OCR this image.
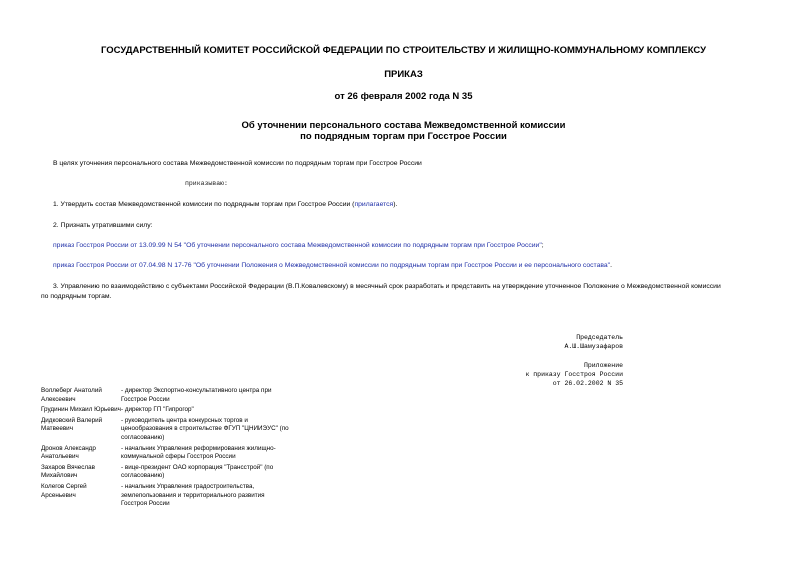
ГОСУДАРСТВЕННЫЙ КОМИТЕТ РОССИЙСКОЙ ФЕДЕРАЦИИ ПО СТРОИТЕЛЬСТВУ И ЖИЛИЩНО-КОММУНАЛЬНОМУ КОМПЛЕКСУ
ПРИКАЗ
от 26 февраля 2002 года N 35
Об уточнении персонального состава Межведомственной комиссии
по подрядным торгам при Госстрое России
В целях уточнения персонального состава Межведомственной комиссии по подрядным торгам при Госстрое России
приказываю:
1. Утвердить состав Межведомственной комиссии по подрядным торгам при Госстрое России (прилагается).
2. Признать утратившими силу:
приказ Госстроя России от 13.09.99 N 54 "Об уточнении персонального состава Межведомственной комиссии по подрядным торгам при Госстрое России";
приказ Госстроя России от 07.04.98 N 17-76 "Об уточнении Положения о Межведомственной комиссии по подрядным торгам при Госстрое России и ее персонального состава".
3. Управлению по взаимодействию с субъектами Российской Федерации (В.П.Ковалевскому) в месячный срок разработать и представить на утверждение уточненное Положение о Межведомственной комиссии
по подрядным торгам.
Председатель
А.Ш.Шамузафаров
Приложение
к приказу Госстроя России
от 26.02.2002 N 35
Воллеберг Анатолий Алексеевич
- директор Экспортно-консультативного центра при Госстрое России
Грудинин Михаил Юрьевич - директор ГП "Гипрогор"
Дидковский Валерий Матвеевич
- руководитель центра конкурсных торгов и ценообразования в строительстве ФГУП "ЦНИИЭУС" (по согласованию)
Дронов Александр Анатольевич
- начальник Управления реформирования жилищно-коммунальной сферы Госстроя России
Захаров Вячеслав Михайлович
- вице-президент ОАО корпорация "Трансстрой" (по согласованию)
Колегов Сергей Арсеньевич
- начальник Управления градостроительства, землепользования и территориального развития Госстроя России
